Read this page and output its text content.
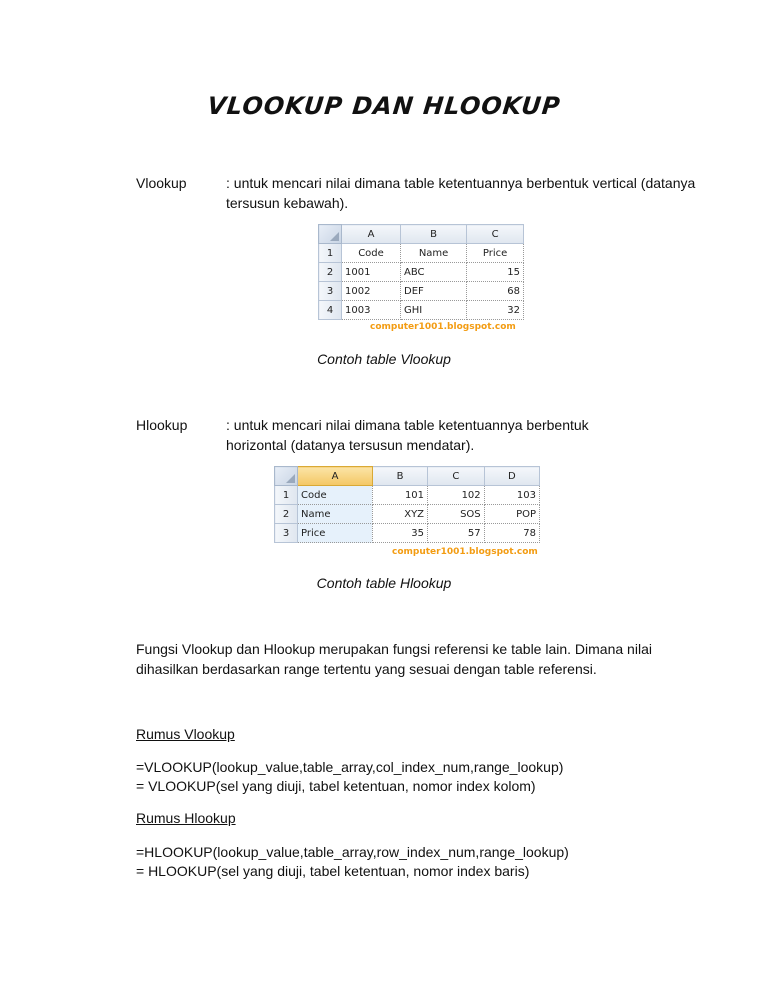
VLOOKUP DAN HLOOKUP
Vlookup	: untuk mencari nilai dimana table ketentuannya berbentuk vertical (datanya tersusun kebawah).
	A	B	C
1	Code	Name	Price
2	1001	ABC	15
3	1002	DEF	68
4	1003	GHI	32
computer1001.blogspot.com
Contoh table Vlookup
Hlookup	: untuk mencari nilai dimana table ketentuannya berbentuk horizontal (datanya tersusun mendatar).
	A	B	C	D
1	Code	101	102	103
2	Name	XYZ	SOS	POP
3	Price	35	57	78
computer1001.blogspot.com
Contoh table Hlookup
Fungsi Vlookup dan Hlookup merupakan fungsi referensi ke table lain. Dimana nilai dihasilkan berdasarkan range tertentu yang sesuai dengan table referensi.
Rumus Vlookup
=VLOOKUP(lookup_value,table_array,col_index_num,range_lookup)
= VLOOKUP(sel yang diuji, tabel ketentuan, nomor index kolom)
Rumus Hlookup
=HLOOKUP(lookup_value,table_array,row_index_num,range_lookup)
= HLOOKUP(sel yang diuji, tabel ketentuan, nomor index baris)
